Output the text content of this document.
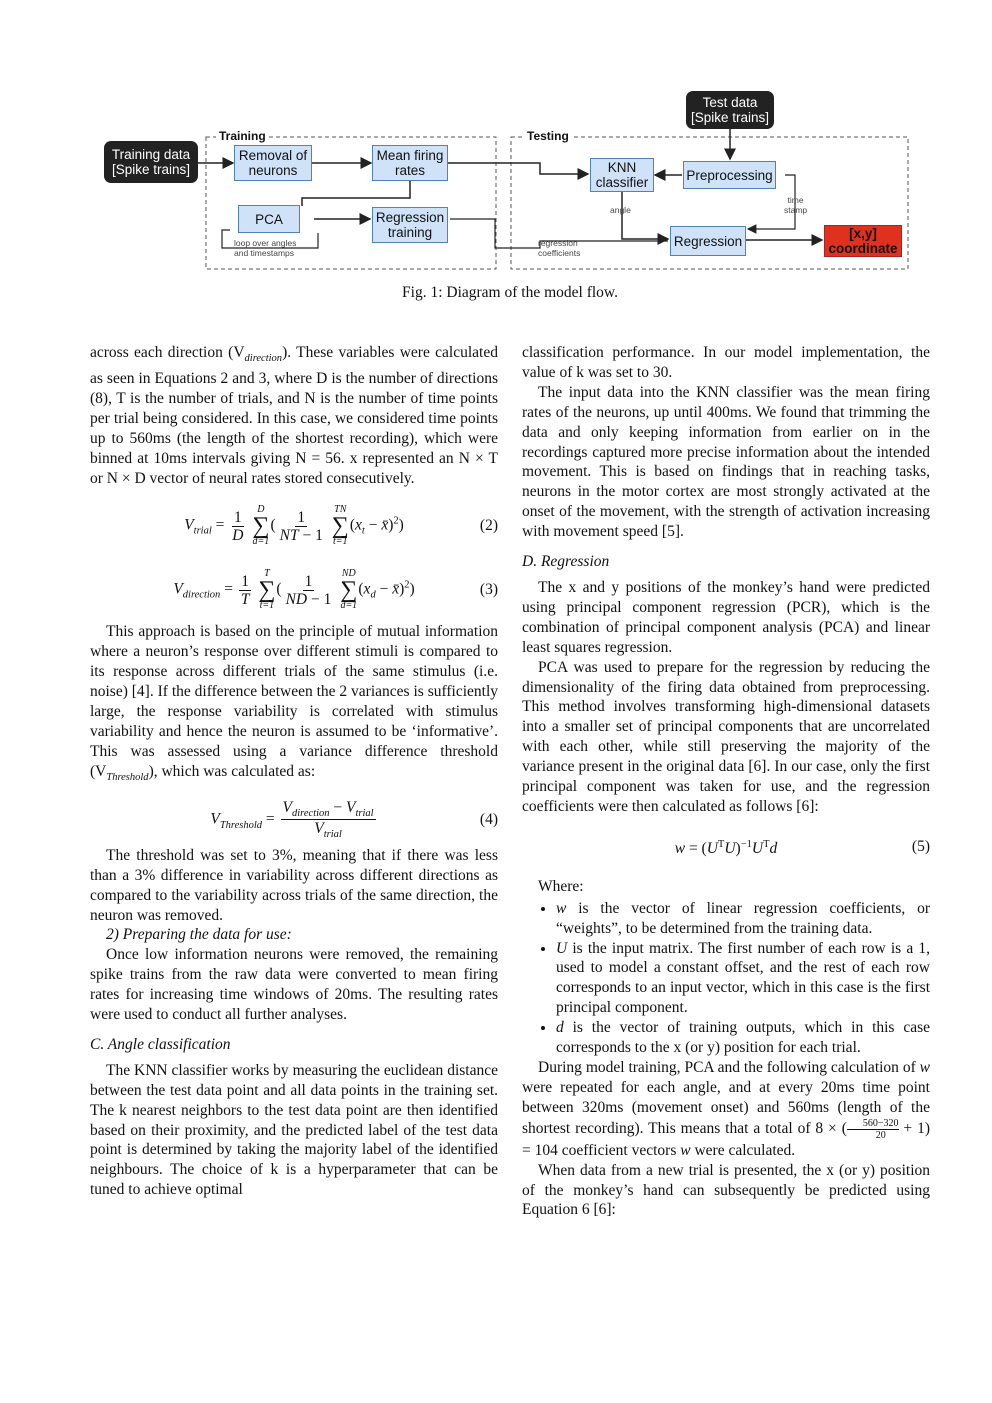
Training	Testing
Training data
[Spike trains]
Test data
[Spike trains]
Removal of
neurons
Mean firing
rates
PCA	Regression
training
KNN
classifier	Preprocessing
Regression	[x,y]
coordinate
loop over angles
and timestamps
angle
time
stamp
regression
coefficients
Fig. 1: Diagram of the model flow.

across each direction $(V_{direction})$. These variables were calculated as seen in Equations 2 and 3, where D is the number of directions (8), T is the number of trials, and N is the number of time points per trial being considered. In this case, we considered time points up to 560ms (the length of the shortest recording), which were binned at 10ms intervals giving N = 56. x represented an N × T or N × D vector of neural rates stored consecutively.

$V_{trial} = \frac{1}{D}$
D
∑
d=1
( $\frac{1}{NT - 1}$
TN
∑
t=1
($x_t$ − x̄)$^2$)	(2)
$V_{direction} = \frac{1}{T}$
T
∑
t=1
( $\frac{1}{ND - 1}$
ND
∑
d=1
($x_d$ − x̄)$^2$)	(3)

This approach is based on the principle of mutual information where a neuron’s response over different stimuli is compared to its response across different trials of the same stimulus (i.e. noise) [4]. If the difference between the 2 variances is sufficiently large, the response variability is correlated with stimulus variability and hence the neuron is assumed to be ‘informative’. This was assessed using a variance difference threshold $(V_{Threshold})$, which was calculated as:

$V_{Threshold} = \frac{V_{direction} - V_{trial}}{V_{trial}}$	(4)

The threshold was set to 3%, meaning that if there was less than a 3% difference in variability across different directions as compared to the variability across trials of the same direction, the neuron was removed.

2) Preparing the data for use:

Once low information neurons were removed, the remaining spike trains from the raw data were converted to mean firing rates for increasing time windows of 20ms. The resulting rates were used to conduct all further analyses.

C. Angle classification

The KNN classifier works by measuring the euclidean distance between the test data point and all data points in the training set. The k nearest neighbors to the test data point are then identified based on their proximity, and the predicted label of the test data point is determined by taking the majority label of the identified neighbours. The choice of k is a hyperparameter that can be tuned to achieve optimal

classification performance. In our model implementation, the value of k was set to 30.

The input data into the KNN classifier was the mean firing rates of the neurons, up until 400ms. We found that trimming the data and only keeping information from earlier on in the recordings captured more precise information about the intended movement. This is based on findings that in reaching tasks, neurons in the motor cortex are most strongly activated at the onset of the movement, with the strength of activation increasing with movement speed [5].

D. Regression

The x and y positions of the monkey’s hand were predicted using principal component regression (PCR), which is the combination of principal component analysis (PCA) and linear least squares regression.

PCA was used to prepare for the regression by reducing the dimensionality of the firing data obtained from preprocessing. This method involves transforming high-dimensional datasets into a smaller set of principal components that are uncorrelated with each other, while still preserving the majority of the variance present in the original data [6]. In our case, only the first principal component was taken for use, and the regression coefficients were then calculated as follows [6]:

$w = (U^TU)^{-1}U^Td$	(5)

Where:

• w is the vector of linear regression coefficients, or “weights”, to be determined from the training data.
• U is the input matrix. The first number of each row is a 1, used to model a constant offset, and the rest of each row corresponds to an input vector, which in this case is the first principal component.
• d is the vector of training outputs, which in this case corresponds to the x (or y) position for each trial.

During model training, PCA and the following calculation of w were repeated for each angle, and at every 20ms time point between 320ms (movement onset) and 560ms (length of the shortest recording). This means that a total of 8 × ( $\frac{560-320}{20} + 1) = 104$ coefficient vectors w were calculated.

When data from a new trial is presented, the x (or y) position of the monkey’s hand can subsequently be predicted using Equation 6 [6]:
